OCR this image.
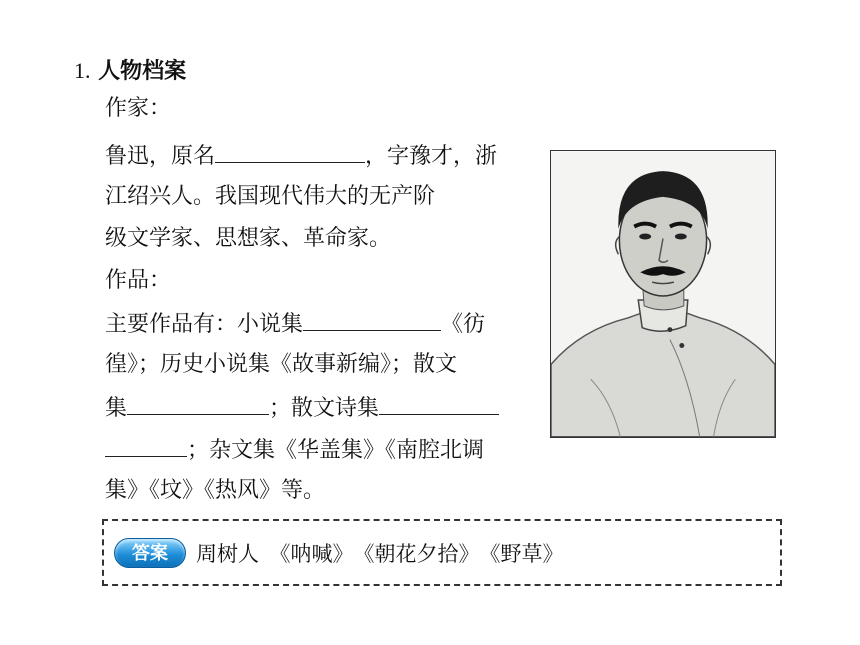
1. 人物档案
作家：
鲁迅，原名	，字豫才，浙
江绍兴人。我国现代伟大的无产阶
级文学家、思想家、革命家。
作品：
主要作品有：小说集	《彷
徨》；历史小说集《故事新编》；散文
集	；散文诗集
；杂文集《华盖集》《南腔北调
集》《坟》《热风》等。
答案	周树人　《呐喊》　《朝花夕拾》　《野草》
